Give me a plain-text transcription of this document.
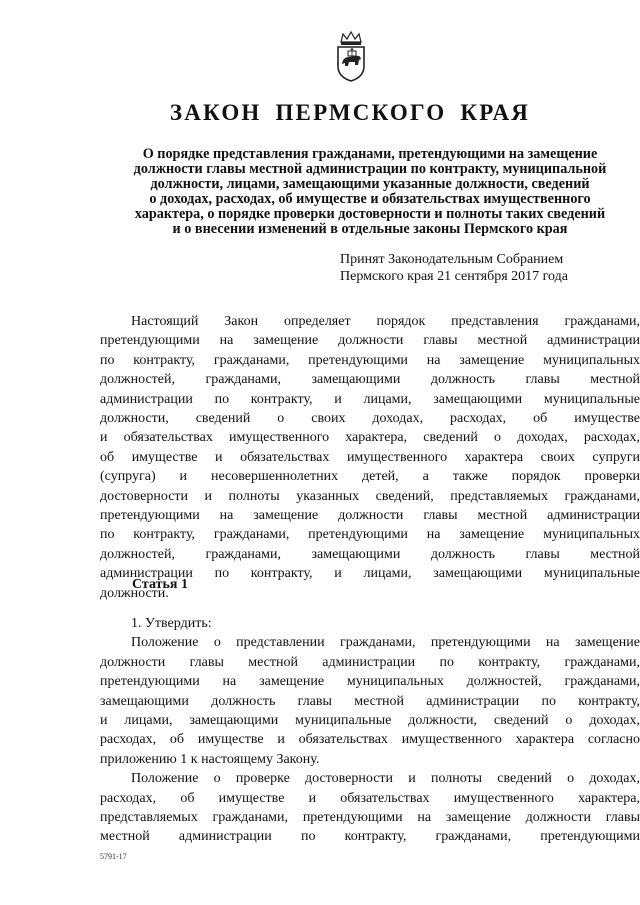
ЗАКОН ПЕРМСКОГО КРАЯ
О порядке представления гражданами, претендующими на замещение
должности главы местной администрации по контракту, муниципальной
должности, лицами, замещающими указанные должности, сведений
о доходах, расходах, об имуществе и обязательствах имущественного
характера, о порядке проверки достоверности и полноты таких сведений
и о внесении изменений в отдельные законы Пермского края
Принят Законодательным Собранием
Пермского края 21 сентября 2017 года
Настоящий Закон определяет порядок представления гражданами,
претендующими на замещение должности главы местной администрации
по контракту, гражданами, претендующими на замещение муниципальных
должностей, гражданами, замещающими должность главы местной
администрации по контракту, и лицами, замещающими муниципальные
должности, сведений о своих доходах, расходах, об имуществе
и обязательствах имущественного характера, сведений о доходах, расходах,
об имуществе и обязательствах имущественного характера своих супруги
(супруга) и несовершеннолетних детей, а также порядок проверки
достоверности и полноты указанных сведений, представляемых гражданами,
претендующими на замещение должности главы местной администрации
по контракту, гражданами, претендующими на замещение муниципальных
должностей, гражданами, замещающими должность главы местной
администрации по контракту, и лицами, замещающими муниципальные
должности.
Статья 1
1. Утвердить:
Положение о представлении гражданами, претендующими на замещение
должности главы местной администрации по контракту, гражданами,
претендующими на замещение муниципальных должностей, гражданами,
замещающими должность главы местной администрации по контракту,
и лицами, замещающими муниципальные должности, сведений о доходах,
расходах, об имуществе и обязательствах имущественного характера согласно
приложению 1 к настоящему Закону.
Положение о проверке достоверности и полноты сведений о доходах,
расходах, об имуществе и обязательствах имущественного характера,
представляемых гражданами, претендующими на замещение должности главы
местной администрации по контракту, гражданами, претендующими
5791-17
